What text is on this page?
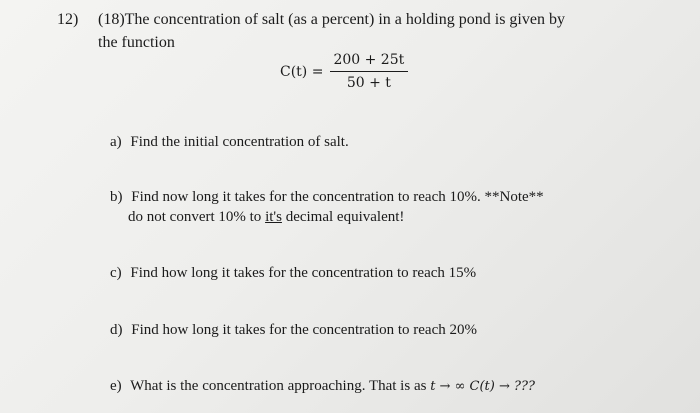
12) (18)The concentration of salt (as a percent) in a holding pond is given by
the function
$C(t) = \frac{200 + 25t}{50 + t}$
a) Find the initial concentration of salt.
b) Find now long it takes for the concentration to reach 10%. **Note**
do not convert 10% to it's decimal equivalent!
c) Find how long it takes for the concentration to reach 15%
d) Find how long it takes for the concentration to reach 20%
e) What is the concentration approaching. That is as t → ∞ C(t) → ???
